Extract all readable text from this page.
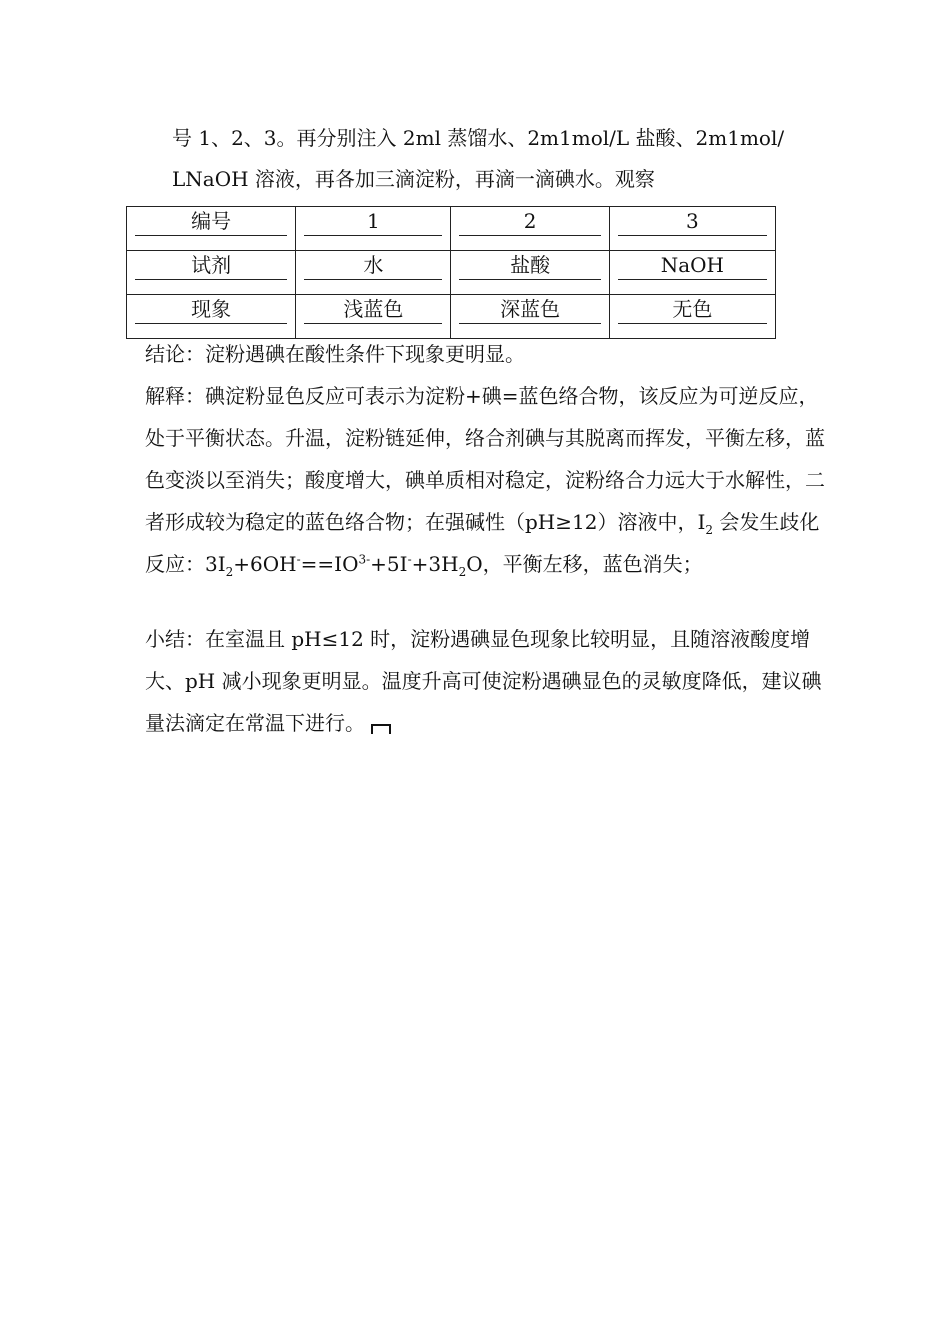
号 1、2、3。再分别注入 2ml 蒸馏水、2m1mol/L 盐酸、2m1mol/
LNaOH 溶液，再各加三滴淀粉，再滴一滴碘水。观察
编号	1	2	3

试剂	水	盐酸	NaOH

现象	浅蓝色	深蓝色	无色

结论：淀粉遇碘在酸性条件下现象更明显。

解释：碘淀粉显色反应可表示为淀粉+碘=蓝色络合物，该反应为可逆反应，处于平衡状态。升温，淀粉链延伸，络合剂碘与其脱离而挥发，平衡左移，蓝色变淡以至消失；酸度增大，碘单质相对稳定，淀粉络合力远大于水解性，二者形成较为稳定的蓝色络合物；在强碱性（pH≥12）溶液中，$I_2$ 会发生歧化反应：$3I_2+6OH^-==IO^{3-}+5I^-+3H_2O$，平衡左移，蓝色消失；

小结：在室温且 pH≤12 时，淀粉遇碘显色现象比较明显，且随溶液酸度增大、pH 减小现象更明显。温度升高可使淀粉遇碘显色的灵敏度降低，建议碘量法滴定在常温下进行。
